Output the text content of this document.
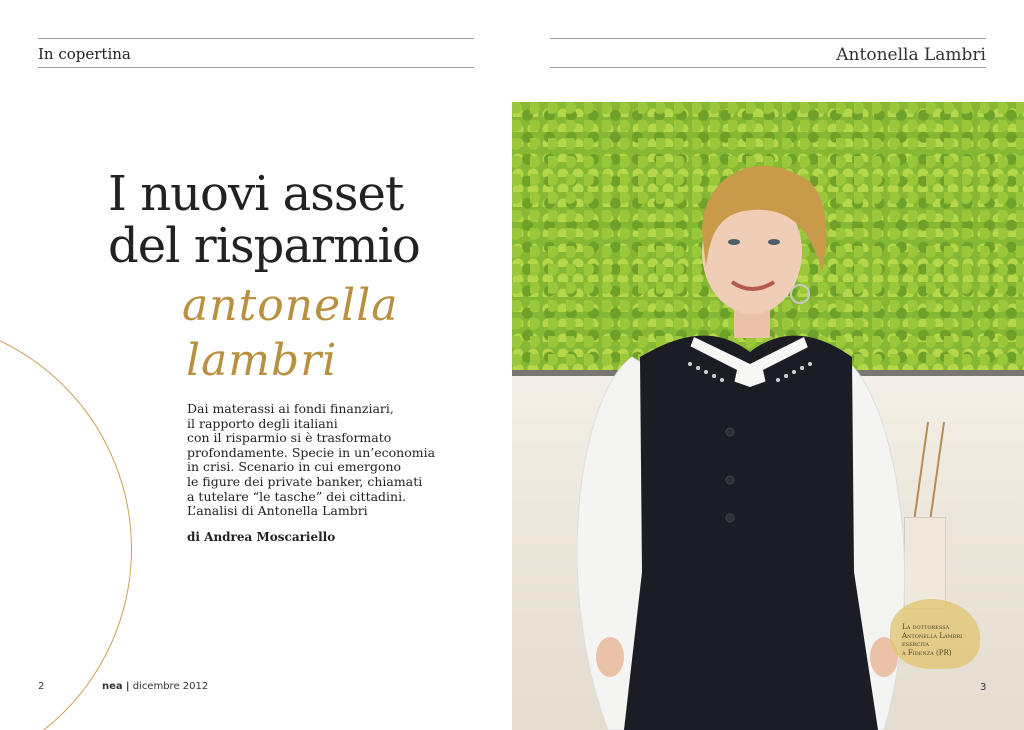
In copertina
I nuovi asset
del risparmio
antonella
lambri
Dai materassi ai fondi finanziari,
il rapporto degli italiani
con il risparmio si è trasformato
profondamente. Specie in un’economia
in crisi. Scenario in cui emergono
le figure dei private banker, chiamati
a tutelare “le tasche” dei cittadini.
L’analisi di Antonella Lambri
di Andrea Moscariello
2	nea | dicembre 2012
Antonella Lambri
La dottoressa
Antonella Lambri
esercita
a Fidenza (PR)
3
